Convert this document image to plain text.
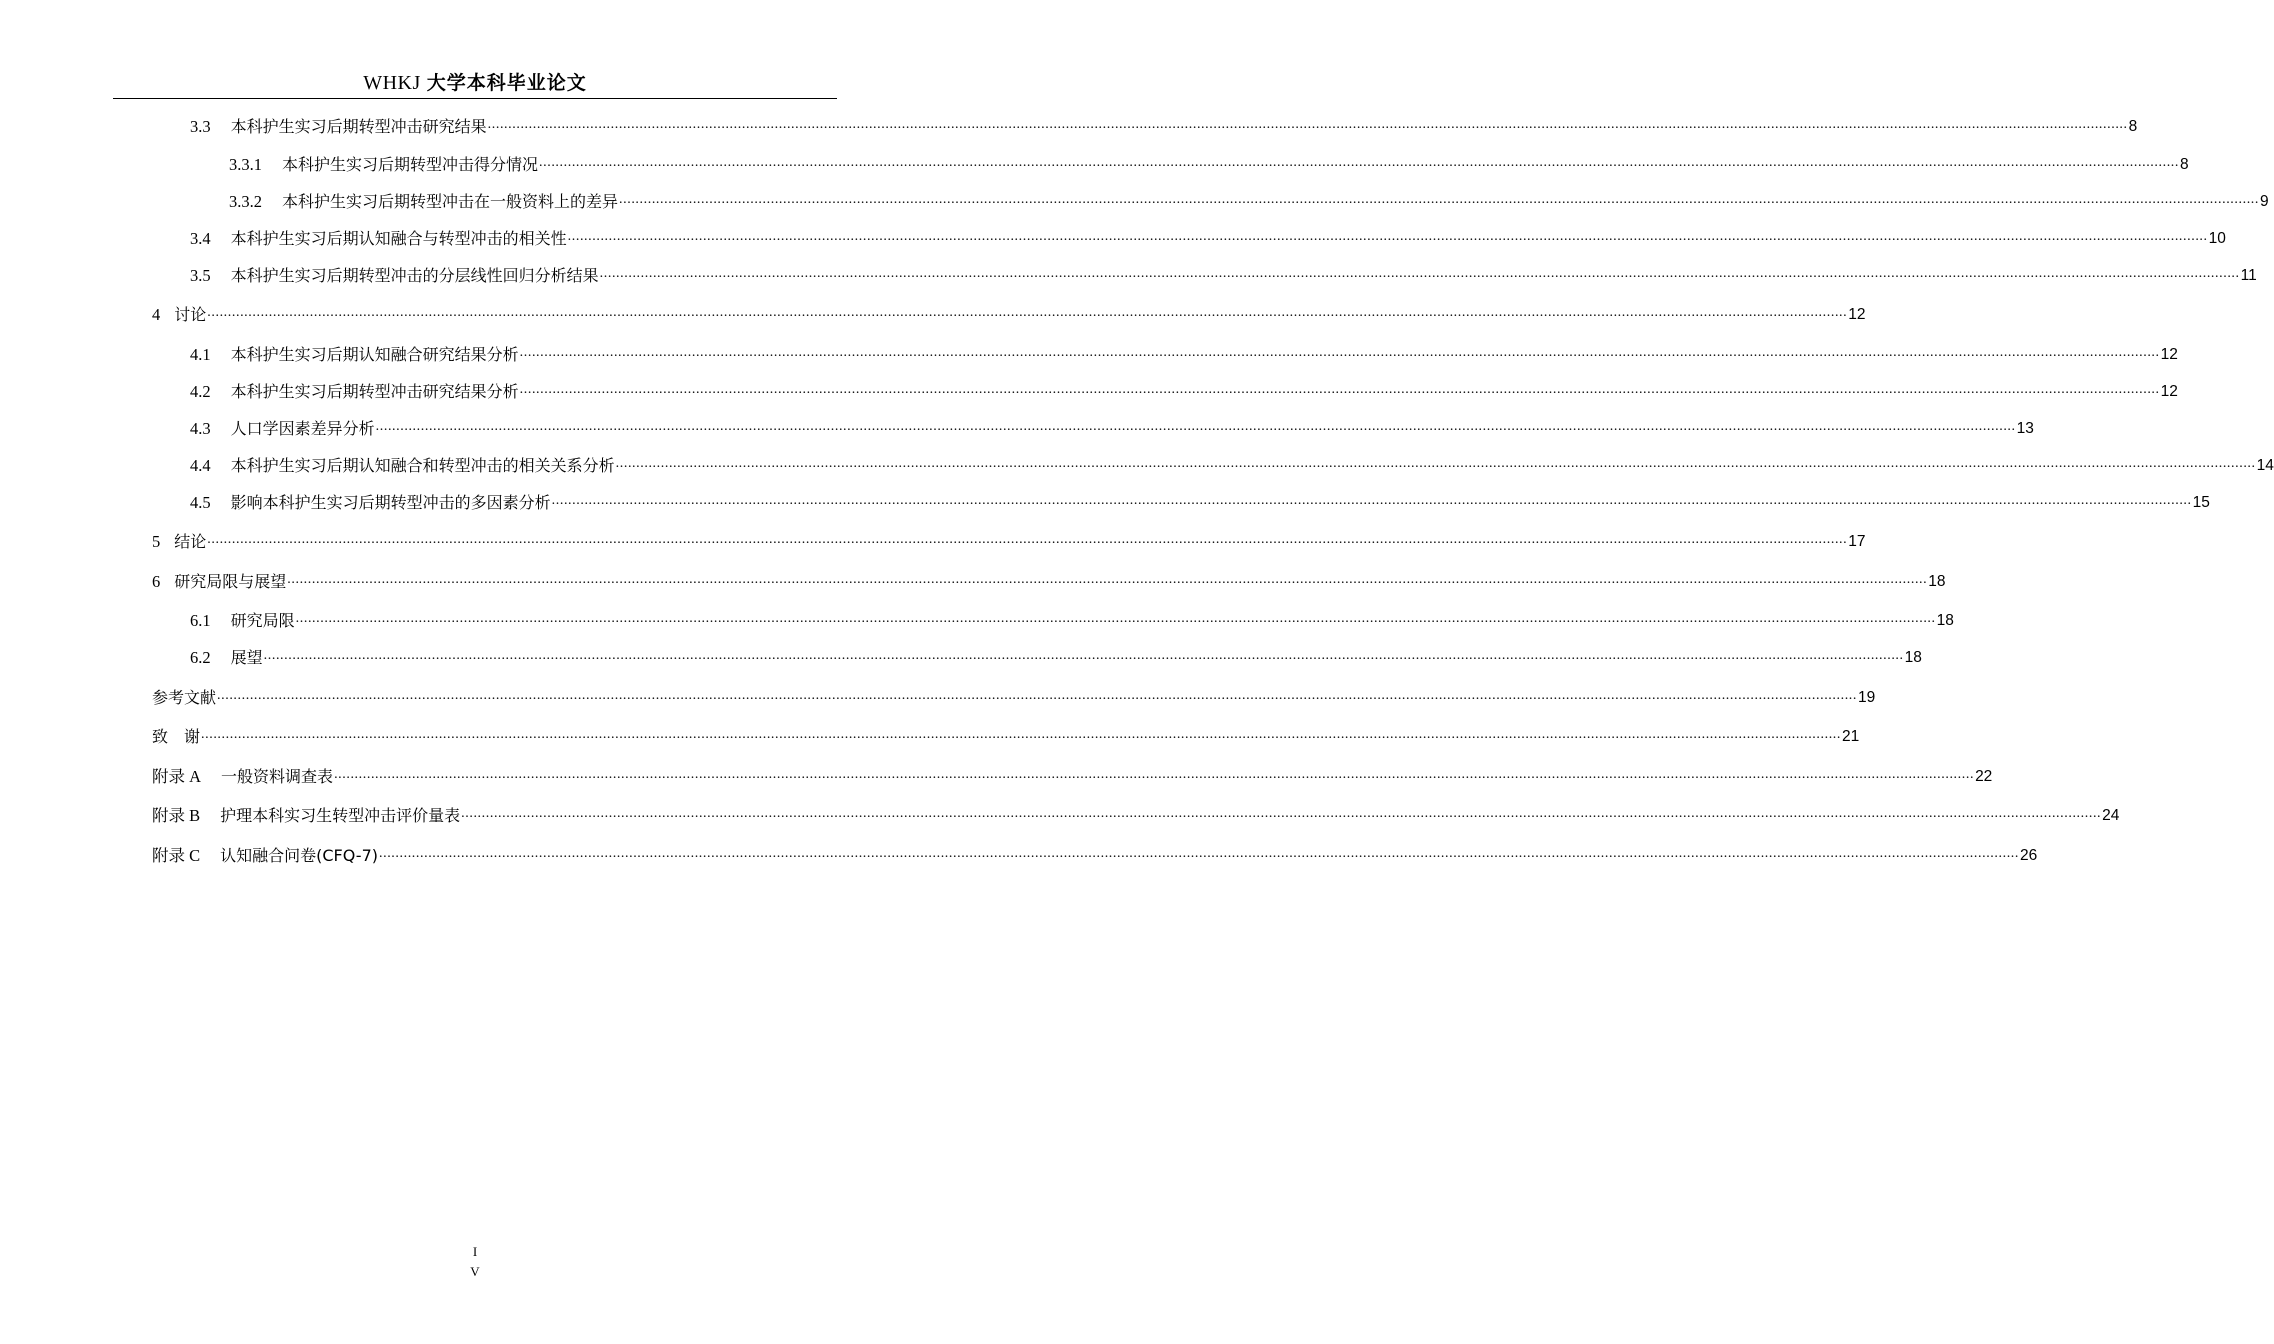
WHKJ 大学本科毕业论文
3.3 本科护生实习后期转型冲击研究结果 ................................................................................................................................................................................................................................................................................................................................................................................................................ 8
3.3.1 本科护生实习后期转型冲击得分情况 ................................................................................................................................................................................................................................................................................................................................................................................................................ 8
3.3.2 本科护生实习后期转型冲击在一般资料上的差异 ................................................................................................................................................................................................................................................................................................................................................................................................................ 9
3.4 本科护生实习后期认知融合与转型冲击的相关性 ................................................................................................................................................................................................................................................................................................................................................................................................................ 10
3.5 本科护生实习后期转型冲击的分层线性回归分析结果 ................................................................................................................................................................................................................................................................................................................................................................................................................ 11
4 讨论 ................................................................................................................................................................................................................................................................................................................................................................................................................ 12
4.1 本科护生实习后期认知融合研究结果分析 ................................................................................................................................................................................................................................................................................................................................................................................................................ 12
4.2 本科护生实习后期转型冲击研究结果分析 ................................................................................................................................................................................................................................................................................................................................................................................................................ 12
4.3 人口学因素差异分析 ................................................................................................................................................................................................................................................................................................................................................................................................................ 13
4.4 本科护生实习后期认知融合和转型冲击的相关关系分析 ................................................................................................................................................................................................................................................................................................................................................................................................................ 14
4.5 影响本科护生实习后期转型冲击的多因素分析 ................................................................................................................................................................................................................................................................................................................................................................................................................ 15
5 结论 ................................................................................................................................................................................................................................................................................................................................................................................................................ 17
6 研究局限与展望 ................................................................................................................................................................................................................................................................................................................................................................................................................ 18
6.1 研究局限 ................................................................................................................................................................................................................................................................................................................................................................................................................ 18
6.2 展望 ................................................................................................................................................................................................................................................................................................................................................................................................................ 18
参考文献 ................................................................................................................................................................................................................................................................................................................................................................................................................ 19
致　谢 ................................................................................................................................................................................................................................................................................................................................................................................................................ 21
附录 A 一般资料调查表 ................................................................................................................................................................................................................................................................................................................................................................................................................ 22
附录 B 护理本科实习生转型冲击评价量表 ................................................................................................................................................................................................................................................................................................................................................................................................................ 24
附录 C 认知融合问卷(CFQ-7) ................................................................................................................................................................................................................................................................................................................................................................................................................ 26
I
V
